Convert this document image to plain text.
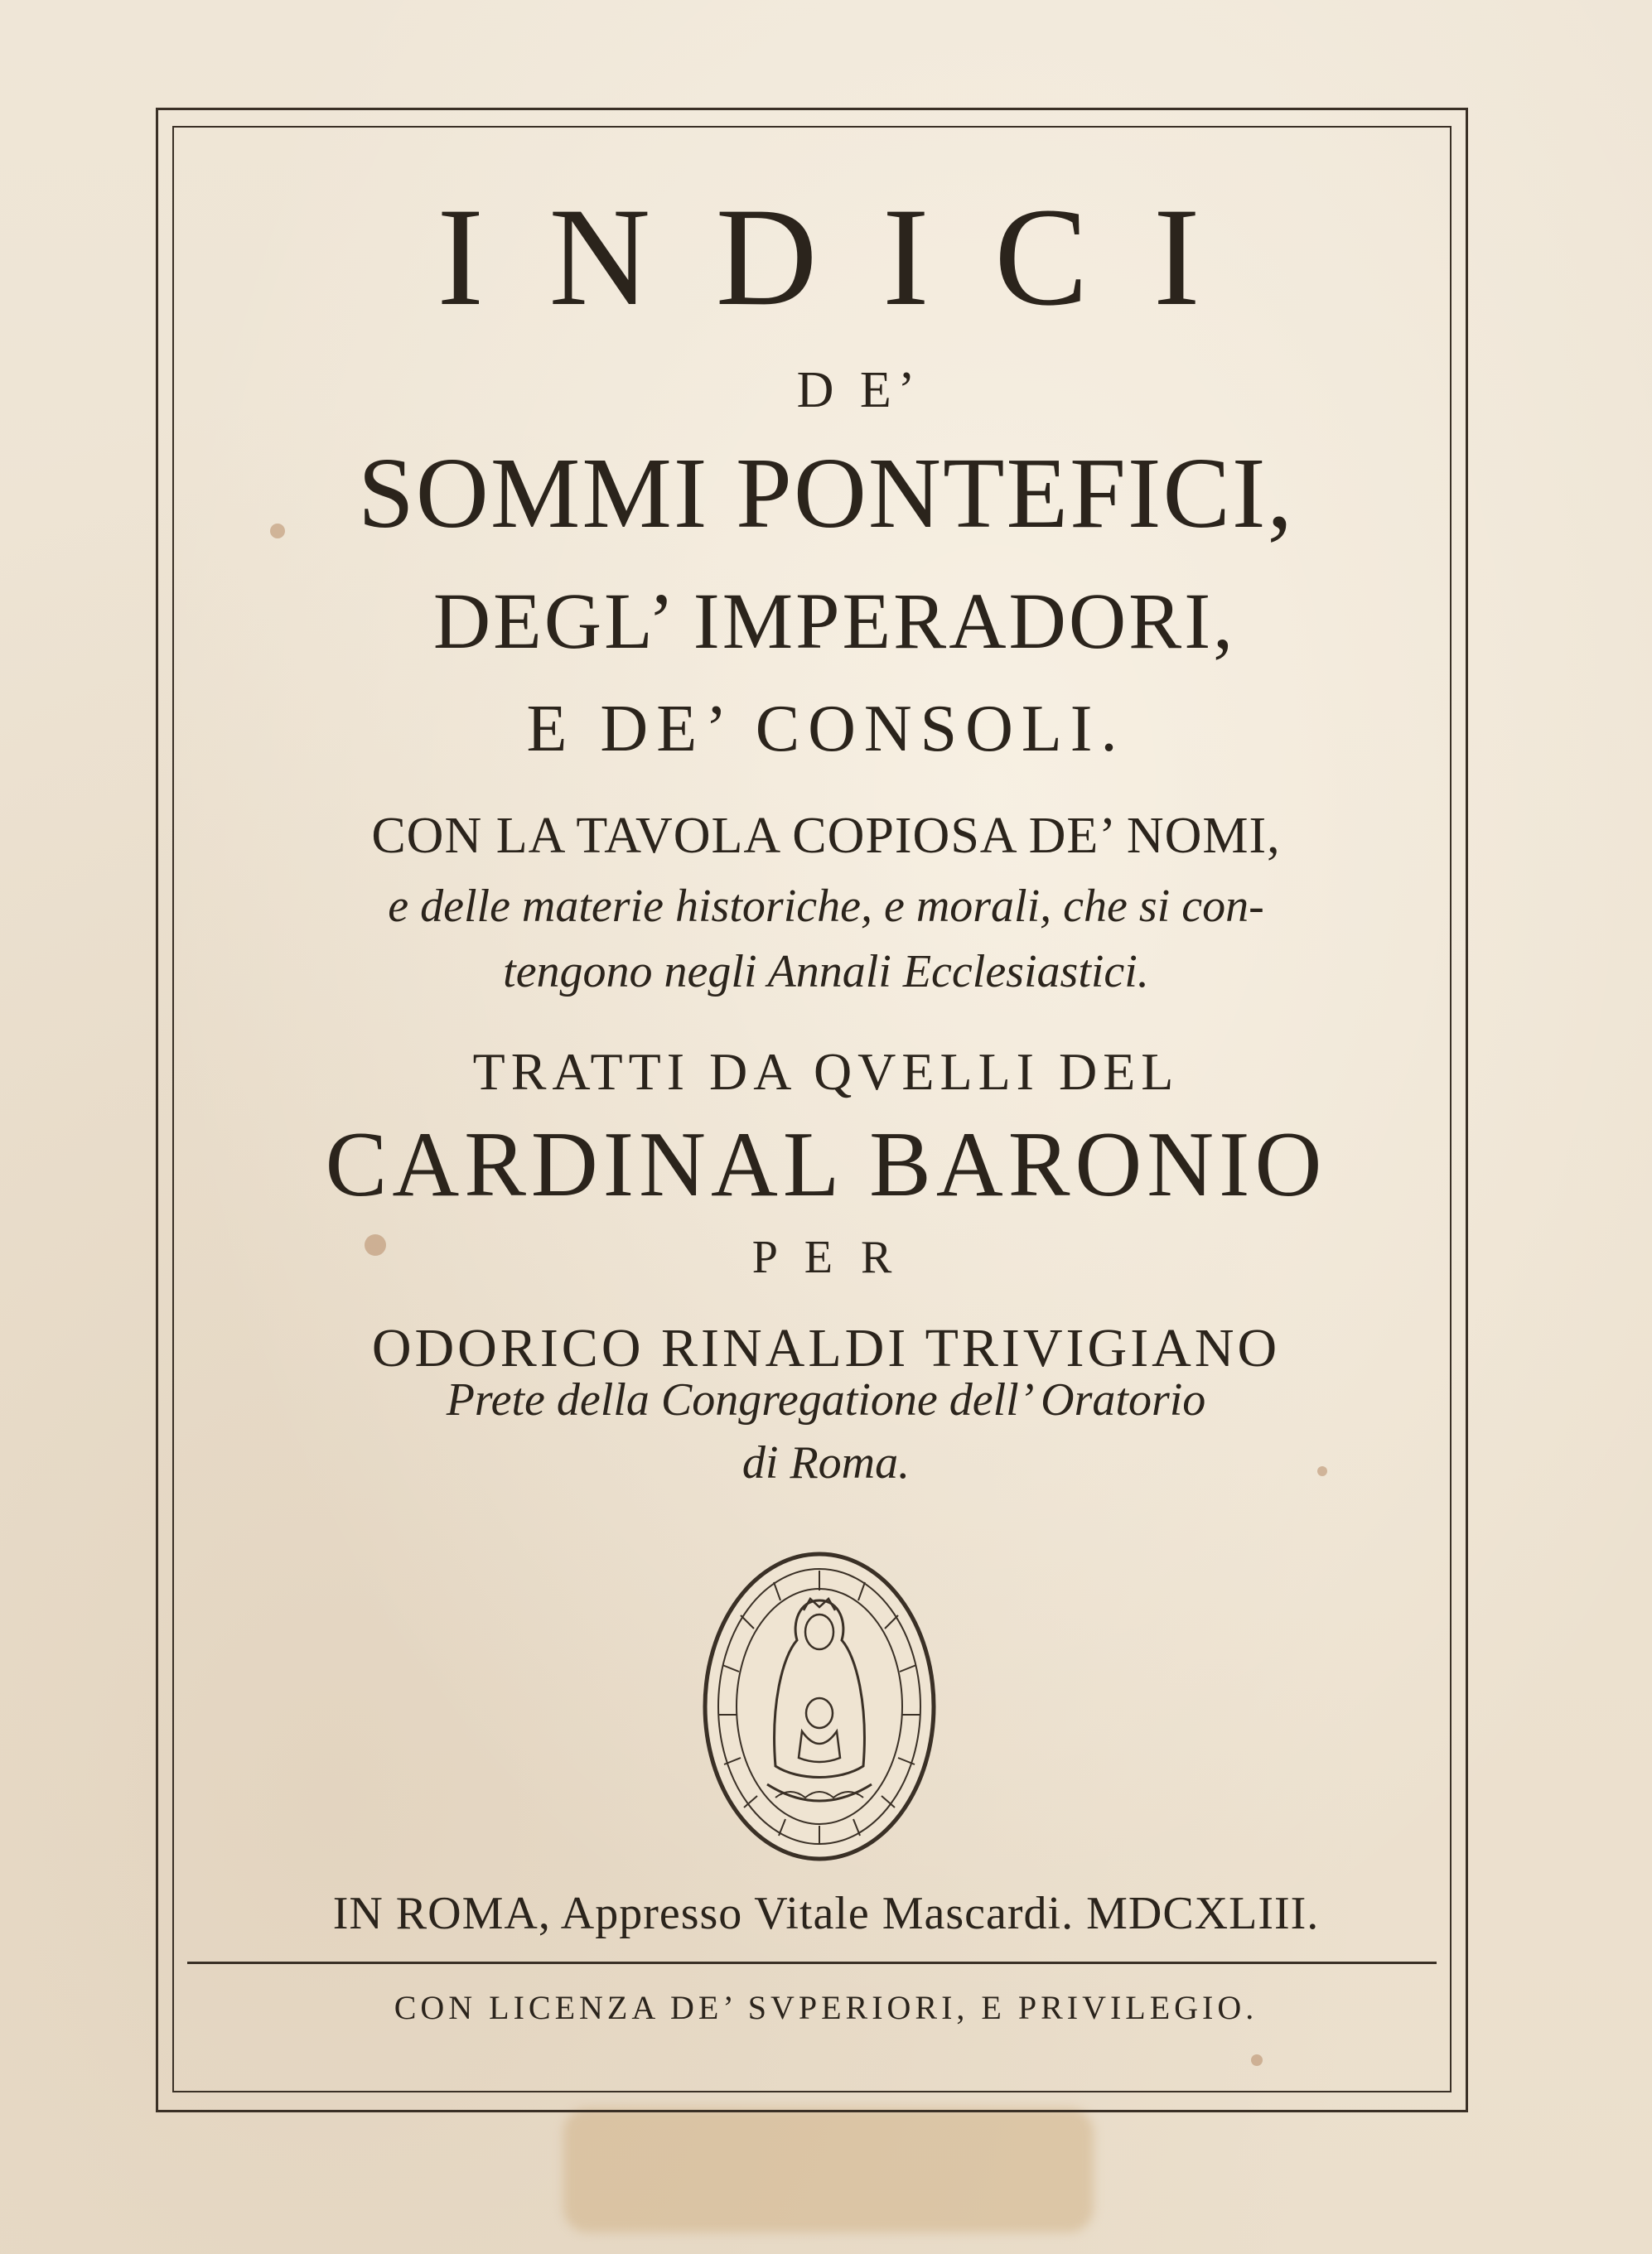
I N D I C I
D E’
SOMMI PONTEFICI,
DEGL’ IMPERADORI,
E DE’ CONSOLI.
CON LA TAVOLA COPIOSA DE’ NOMI,
e delle materie historiche, e morali, che si con-
tengono negli Annali Ecclesiastici.
TRATTI DA QVELLI DEL
CARDINAL BARONIO
P E R
ODORICO RINALDI TRIVIGIANO
Prete della Congregatione dell’ Oratorio
di Roma.
IN ROMA, Appresso Vitale Mascardi. MDCXLIII.
CON LICENZA DE’ SVPERIORI, E PRIVILEGIO.
